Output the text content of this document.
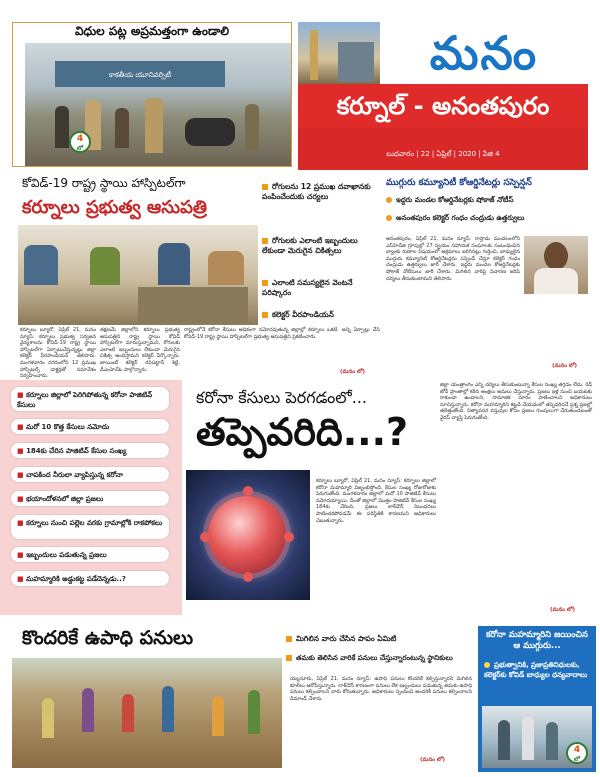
విధుల పట్ల అప్రమత్తంగా ఉండాలి
కాకతీయ యూనివర్సిటీ
4
లో
మనం
కర్నూల్ - అనంతపురం
బుధవారం | 22 | ఏప్రిల్ | 2020 | పేజి 4
కోవిడ్-19 రాష్ట్ర స్థాయి హాస్పిటల్‌గా
కర్నూలు ప్రభుత్వ ఆసుపత్రి
రోగులను 12 ప్రముఖ దవాఖానకు పంపించేందుకు చర్యలు
రోగులకు ఎలాంటి ఇబ్బందులు లేకుండా మెరుగైన చికిత్సలు
ఎలాంటి సమస్యలైన వెంటనే పరిష్కారం
కలెక్టర్ వీరపాండియన్
కర్నూలు బ్యూరో, ఏప్రిల్ 21, మనం న్యూస్: కర్నూలు ప్రభుత్వ సర్వజన వైద్యశాలను కోవిడ్-19 రాష్ట్ర స్థాయి హాస్పిటల్‌గా ఏర్పాటుచేస్తున్నట్లు జిల్లా కలెక్టర్ వీరపాండియన్ తెలిపారు. మంగళవారం నగరంలోని 12 ప్రముఖ హాస్పిటల్స్ డాక్టర్లతో సమావేశం నిర్వహించారు.
తక్షణమే జిల్లాలోని కర్నూలు ప్రభుత్వ ఆసుపత్రిని రాష్ట్ర స్థాయి కోవిడ్ హాస్పిటల్‌గా మారుస్తున్నామని, రోగులకు ఎలాంటి ఇబ్బందులు లేకుండా మెరుగైన చికిత్స అందిస్తామని కలెక్టర్ పేర్కొన్నారు. జాయింట్ కలెక్టర్ రవిపట్టాన్ శెట్టి, డీఎంహెచ్‌ఓ పాల్గొన్నారు.
రాష్ట్రంలోనే కరోనా కేసులు అధికంగా నమోదవుతున్న జిల్లాల్లో కర్నూలు ఒకటి. అన్ని ఏర్పాట్లు చేసి కోవిడ్-19 రాష్ట్ర స్థాయి హాస్పిటల్‌గా ప్రభుత్వ ఆసుపత్రిని ప్రకటించారు.
(మనం లో)
ముగ్గురు కమ్యూనిటీ కోఆర్డినేటర్లు సస్పెన్షన్
ఇద్దరు మండల కోఆర్డినేటర్లకు షోకాజ్ నోటీస్
అనంతపురం కలెక్టర్ గంధం చంద్రుడు ఉత్తర్వులు
అనంతపురం, ఏప్రిల్ 21, మనం న్యూస్: రాప్తాడు మండలంలోని ఎస్‌హెచ్‌జి గ్రూపుల్లో 27 స్వయం సహాయక సంఘాలకు సంబంధించిన బ్యాంకు రుణాల విషయంలో అక్రమాలు జరిగినట్లు గుర్తించి, బాధ్యులైన ముగ్గురు కమ్యూనిటీ కోఆర్డినేటర్లను సస్పెండ్ చేస్తూ కలెక్టర్ గంధం చంద్రుడు ఉత్తర్వులు జారీ చేశారు. ఇద్దరు మండల కోఆర్డినేటర్లకు షోకాజ్ నోటీసులు జారీ చేశారు. మిగిలిన వారిపై విచారణ జరిపి చర్యలు తీసుకుంటామని తెలిపారు.
(మనం లో)
■ కర్నూలు జిల్లాలో పెరిగిపోతున్న కరోనా పాజిటివ్ కేసులు
■ మరో 10 కొత్త కేసులు నమోదు
■ 184కు చేరిన పాజిటివ్ కేసుల సంఖ్య
■ చాపకింద నీరులా వ్యాపిస్తున్న కరోనా
■ భయాందోళనలో జిల్లా ప్రజలు
■ కర్నూలు నుంచి పల్లెల వరకు గ్రామాల్లోకి రాకపోకలు
■ ఇబ్బందులు పడుతున్న ప్రజలు
■ మహమ్మారికి అడ్డుకట్ట పడేదెన్నడు..?
కరోనా కేసులు పెరగడంలో...
తప్పెవరిది...?
కర్నూలు బ్యూరో, ఏప్రిల్ 21, మనం న్యూస్: కర్నూలు జిల్లాలో కరోనా మహమ్మారి విజృంభిస్తోంది. కేసుల సంఖ్య రోజురోజుకు పెరుగుతోంది. మంగళవారం జిల్లాలో మరో 10 పాజిటివ్ కేసులు నమోదయ్యాయి. దీంతో జిల్లాలో మొత్తం పాజిటివ్ కేసుల సంఖ్య 184కు చేరింది. ప్రజలు లాక్‌డౌన్ నిబంధనలు పాటించకపోవడమే ఈ పరిస్థితికి కారణమని అధికారులు చెబుతున్నారు.
జిల్లా యంత్రాంగం ఎన్ని చర్యలు తీసుకుంటున్నా కేసుల సంఖ్య తగ్గడం లేదు. రెడ్ జోన్ ప్రాంతాల్లో కఠిన ఆంక్షలు అమలు చేస్తున్నారు. ప్రజలు ఇళ్ల నుంచి బయటకు రాకుండా ఉండాలని, సామాజిక దూరం పాటించాలని అధికారులు సూచిస్తున్నారు. కరోనా మహమ్మారిని కట్టడి చేయడంలో తప్పెవరిదనే ప్రశ్న ప్రజల్లో తలెత్తుతోంది. నిత్యావసర వస్తువుల కోసం ప్రజలు గుంపులుగా చేరుతుండటంతో వైరస్ వ్యాప్తి పెరుగుతోంది.
(మనం లో)
కొందరికే ఉపాధి పనులు	మిగిలిన వారు చేసిన పాపం ఏమిటి
తమకు తెలిసిన వారికే పనులు చేస్తున్నారంటున్న స్థానికులు
యల్లనూరు, ఏప్రిల్ 21, మనం న్యూస్: ఉపాధి పనులు కొందరికే కల్పిస్తున్నారని మిగిలిన కూలీలు ఆరోపిస్తున్నారు. లాక్‌డౌన్ కారణంగా పనులు లేక ఇబ్బందులు పడుతున్న తమకు ఉపాధి పనులు కల్పించాలని వారు కోరుతున్నారు. అధికారులు స్పందించి అందరికీ పనులు కల్పించాలని డిమాండ్ చేశారు.
(మనం లో)
కరోనా మహమ్మారిని జయించిన ఆ ముగ్గురు...
ప్రభుత్వానికి, ప్రజాప్రతినిధులకు, కలెక్టర్‌కు కోవిడ్ బాధ్యుల ధన్యవాదాలు
4
లో
